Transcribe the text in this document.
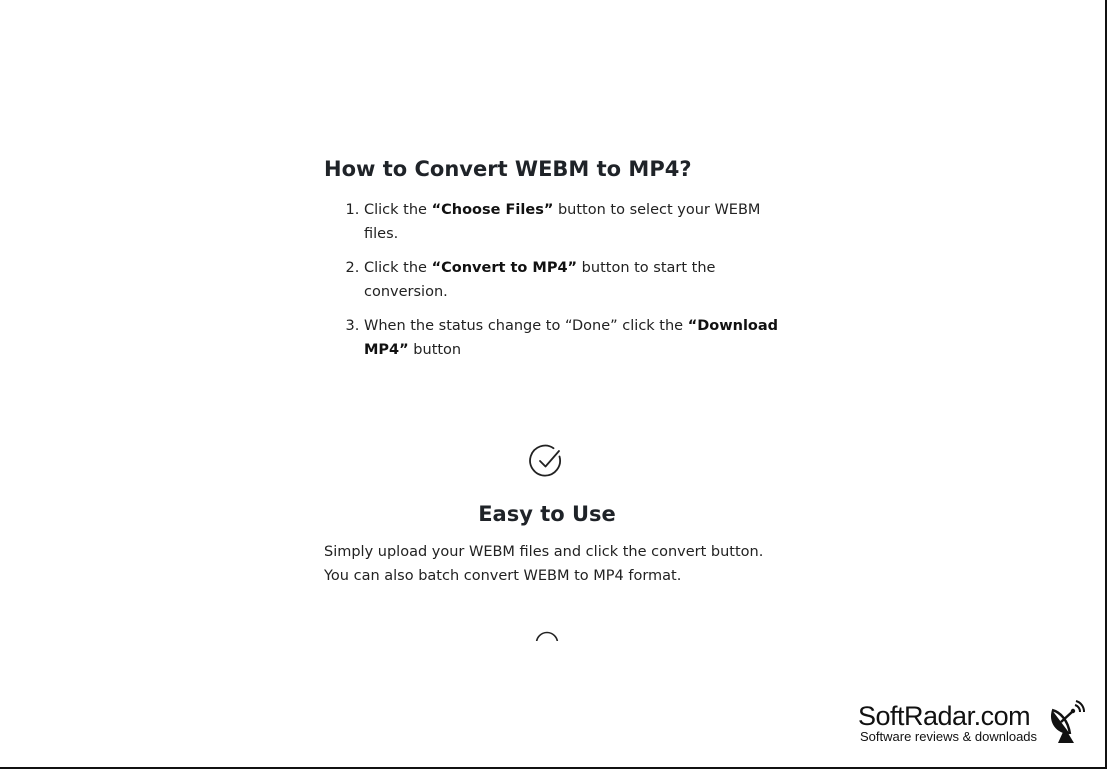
How to Convert WEBM to MP4?
1. Click the “Choose Files” button to select your WEBM files.
2. Click the “Convert to MP4” button to start the conversion.
3. When the status change to “Done” click the “Download MP4” button
Easy to Use

Simply upload your WEBM files and click the convert button. You can also batch convert WEBM to MP4 format.

SoftRadar.com
Software reviews & downloads
